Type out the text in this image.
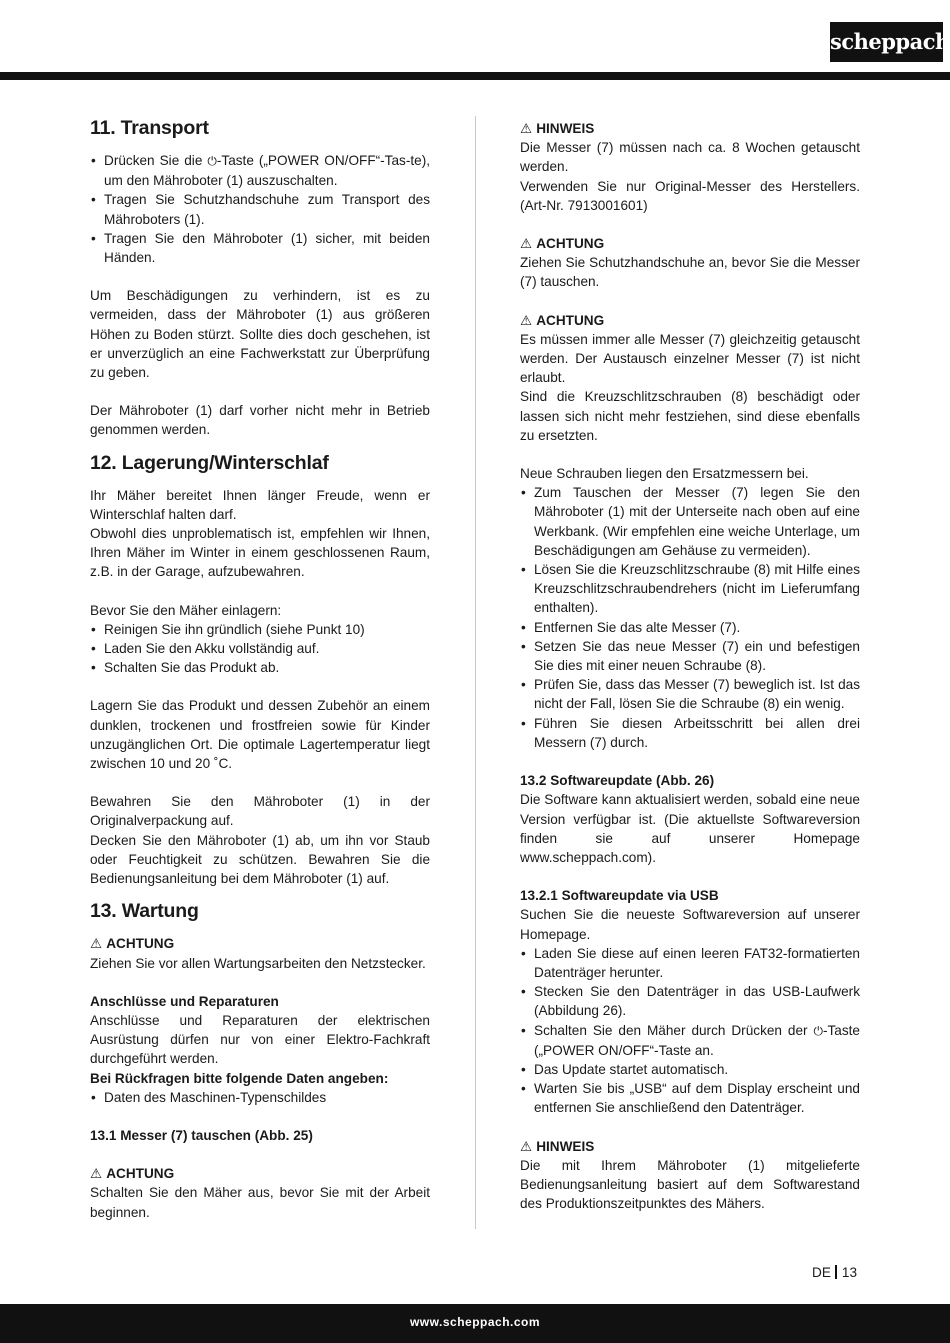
scheppach
11. Transport
• Drücken Sie die ⏻-Taste („POWER ON/OFF“-Tas-te), um den Mähroboter (1) auszuschalten.
• Tragen Sie Schutzhandschuhe zum Transport des Mähroboters (1).
• Tragen Sie den Mähroboter (1) sicher, mit beiden Händen.

Um Beschädigungen zu verhindern, ist es zu vermeiden, dass der Mähroboter (1) aus größeren Höhen zu Boden stürzt. Sollte dies doch geschehen, ist er unverzüglich an eine Fachwerkstatt zur Überprüfung zu geben.

Der Mähroboter (1) darf vorher nicht mehr in Betrieb genommen werden.

12. Lagerung/Winterschlaf

Ihr Mäher bereitet Ihnen länger Freude, wenn er Winterschlaf halten darf.

Obwohl dies unproblematisch ist, empfehlen wir Ihnen, Ihren Mäher im Winter in einem geschlossenen Raum, z.B. in der Garage, aufzubewahren.

Bevor Sie den Mäher einlagern:

• Reinigen Sie ihn gründlich (siehe Punkt 10)
• Laden Sie den Akku vollständig auf.
• Schalten Sie das Produkt ab.

Lagern Sie das Produkt und dessen Zubehör an einem dunklen, trockenen und frostfreien sowie für Kinder unzugänglichen Ort. Die optimale Lagertemperatur liegt zwischen 10 und 20 ˚C.

Bewahren Sie den Mähroboter (1) in der Originalverpackung auf.

Decken Sie den Mähroboter (1) ab, um ihn vor Staub oder Feuchtigkeit zu schützen. Bewahren Sie die Bedienungsanleitung bei dem Mähroboter (1) auf.

13. Wartung

⚠ ACHTUNG

Ziehen Sie vor allen Wartungsarbeiten den Netzstecker.

Anschlüsse und Reparaturen

Anschlüsse und Reparaturen der elektrischen Ausrüstung dürfen nur von einer Elektro-Fachkraft durchgeführt werden.

Bei Rückfragen bitte folgende Daten angeben:

• Daten des Maschinen-Typenschildes

13.1 Messer (7) tauschen (Abb. 25)

⚠ ACHTUNG

Schalten Sie den Mäher aus, bevor Sie mit der Arbeit beginnen.

⚠ HINWEIS

Die Messer (7) müssen nach ca. 8 Wochen getauscht werden.

Verwenden Sie nur Original-Messer des Herstellers. (Art-Nr. 7913001601)

⚠ ACHTUNG

Ziehen Sie Schutzhandschuhe an, bevor Sie die Messer (7) tauschen.

⚠ ACHTUNG

Es müssen immer alle Messer (7) gleichzeitig getauscht werden. Der Austausch einzelner Messer (7) ist nicht erlaubt.

Sind die Kreuzschlitzschrauben (8) beschädigt oder lassen sich nicht mehr festziehen, sind diese ebenfalls zu ersetzten.

Neue Schrauben liegen den Ersatzmessern bei.

• Zum Tauschen der Messer (7) legen Sie den Mähroboter (1) mit der Unterseite nach oben auf eine Werkbank. (Wir empfehlen eine weiche Unterlage, um Beschädigungen am Gehäuse zu vermeiden).
• Lösen Sie die Kreuzschlitzschraube (8) mit Hilfe eines Kreuzschlitzschraubendrehers (nicht im Lieferumfang enthalten).
• Entfernen Sie das alte Messer (7).
• Setzen Sie das neue Messer (7) ein und befestigen Sie dies mit einer neuen Schraube (8).
• Prüfen Sie, dass das Messer (7) beweglich ist. Ist das nicht der Fall, lösen Sie die Schraube (8) ein wenig.
• Führen Sie diesen Arbeitsschritt bei allen drei Messern (7) durch.

13.2 Softwareupdate (Abb. 26)

Die Software kann aktualisiert werden, sobald eine neue Version verfügbar ist. (Die aktuellste Softwareversion finden sie auf unserer Homepage www.scheppach.com).

13.2.1 Softwareupdate via USB

Suchen Sie die neueste Softwareversion auf unserer Homepage.

• Laden Sie diese auf einen leeren FAT32-formatierten Datenträger herunter.
• Stecken Sie den Datenträger in das USB-Laufwerk (Abbildung 26).
• Schalten Sie den Mäher durch Drücken der ⏻-Taste („POWER ON/OFF“-Taste an.
• Das Update startet automatisch.
• Warten Sie bis „USB“ auf dem Display erscheint und entfernen Sie anschließend den Datenträger.

⚠ HINWEIS

Die mit Ihrem Mähroboter (1) mitgelieferte Bedienungsanleitung basiert auf dem Softwarestand des Produktionszeitpunktes des Mähers.

DE 13
www.scheppach.com
